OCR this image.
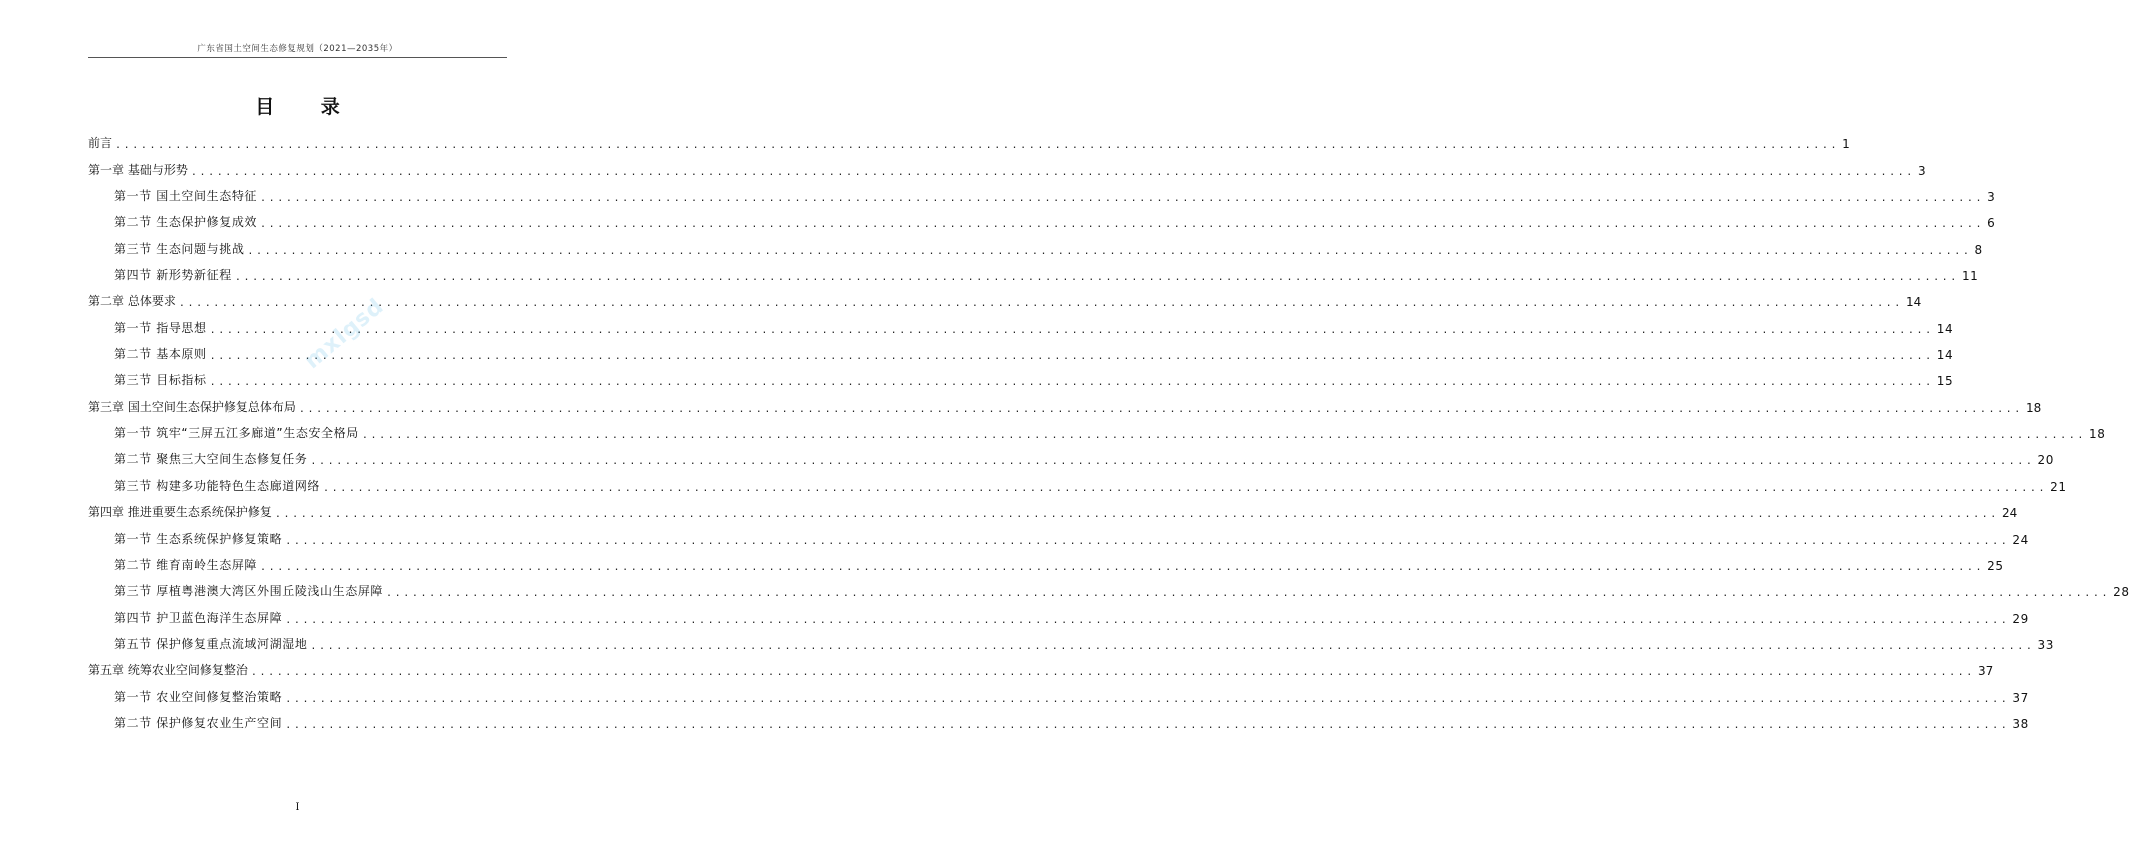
广东省国土空间生态修复规划（2021—2035年）
目 录
前言 ........................................................................................................................................................................................................ 1
第一章 基础与形势 ........................................................................................................................................................................................................ 3
第一节 国土空间生态特征 ........................................................................................................................................................................................................ 3
第二节 生态保护修复成效 ........................................................................................................................................................................................................ 6
第三节 生态问题与挑战 ........................................................................................................................................................................................................ 8
第四节 新形势新征程 ........................................................................................................................................................................................................ 11
第二章 总体要求 ........................................................................................................................................................................................................ 14
第一节 指导思想 ........................................................................................................................................................................................................ 14
第二节 基本原则 ........................................................................................................................................................................................................ 14
第三节 目标指标 ........................................................................................................................................................................................................ 15
第三章 国土空间生态保护修复总体布局 ........................................................................................................................................................................................................ 18
第一节 筑牢“三屏五江多廊道”生态安全格局 ........................................................................................................................................................................................................ 18
第二节 聚焦三大空间生态修复任务 ........................................................................................................................................................................................................ 20
第三节 构建多功能特色生态廊道网络 ........................................................................................................................................................................................................ 21
第四章 推进重要生态系统保护修复 ........................................................................................................................................................................................................ 24
第一节 生态系统保护修复策略 ........................................................................................................................................................................................................ 24
第二节 维育南岭生态屏障 ........................................................................................................................................................................................................ 25
第三节 厚植粤港澳大湾区外围丘陵浅山生态屏障 ........................................................................................................................................................................................................ 28
第四节 护卫蓝色海洋生态屏障 ........................................................................................................................................................................................................ 29
第五节 保护修复重点流域河湖湿地 ........................................................................................................................................................................................................ 33
第五章 统筹农业空间修复整治 ........................................................................................................................................................................................................ 37
第一节 农业空间修复整治策略 ........................................................................................................................................................................................................ 37
第二节 保护修复农业生产空间 ........................................................................................................................................................................................................ 38
mxlgsd
I
